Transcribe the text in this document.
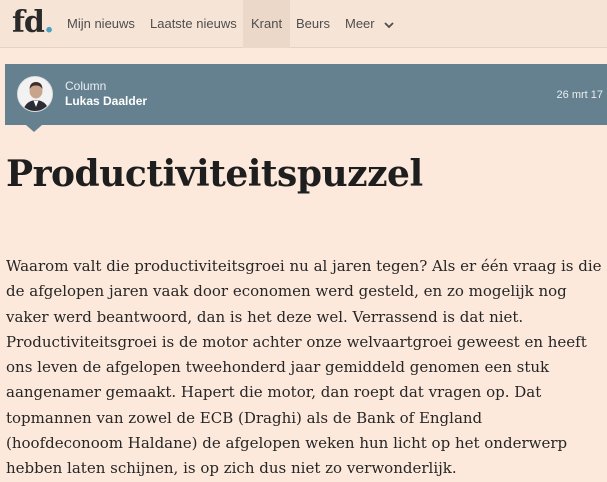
fd. Mijn nieuws Laatste nieuws	Krant	Beurs Meer
Column
Lukas Daalder	26 mrt 17
Productiviteitspuzzel
Waarom valt die productiviteitsgroei nu al jaren tegen? Als er één vraag is die
de afgelopen jaren vaak door economen werd gesteld, en zo mogelijk nog
vaker werd beantwoord, dan is het deze wel. Verrassend is dat niet.
Productiviteitsgroei is de motor achter onze welvaartgroei geweest en heeft
ons leven de afgelopen tweehonderd jaar gemiddeld genomen een stuk
aangenamer gemaakt. Hapert die motor, dan roept dat vragen op. Dat
topmannen van zowel de ECB (Draghi) als de Bank of England
(hoofdeconoom Haldane) de afgelopen weken hun licht op het onderwerp
hebben laten schijnen, is op zich dus niet zo verwonderlijk.
